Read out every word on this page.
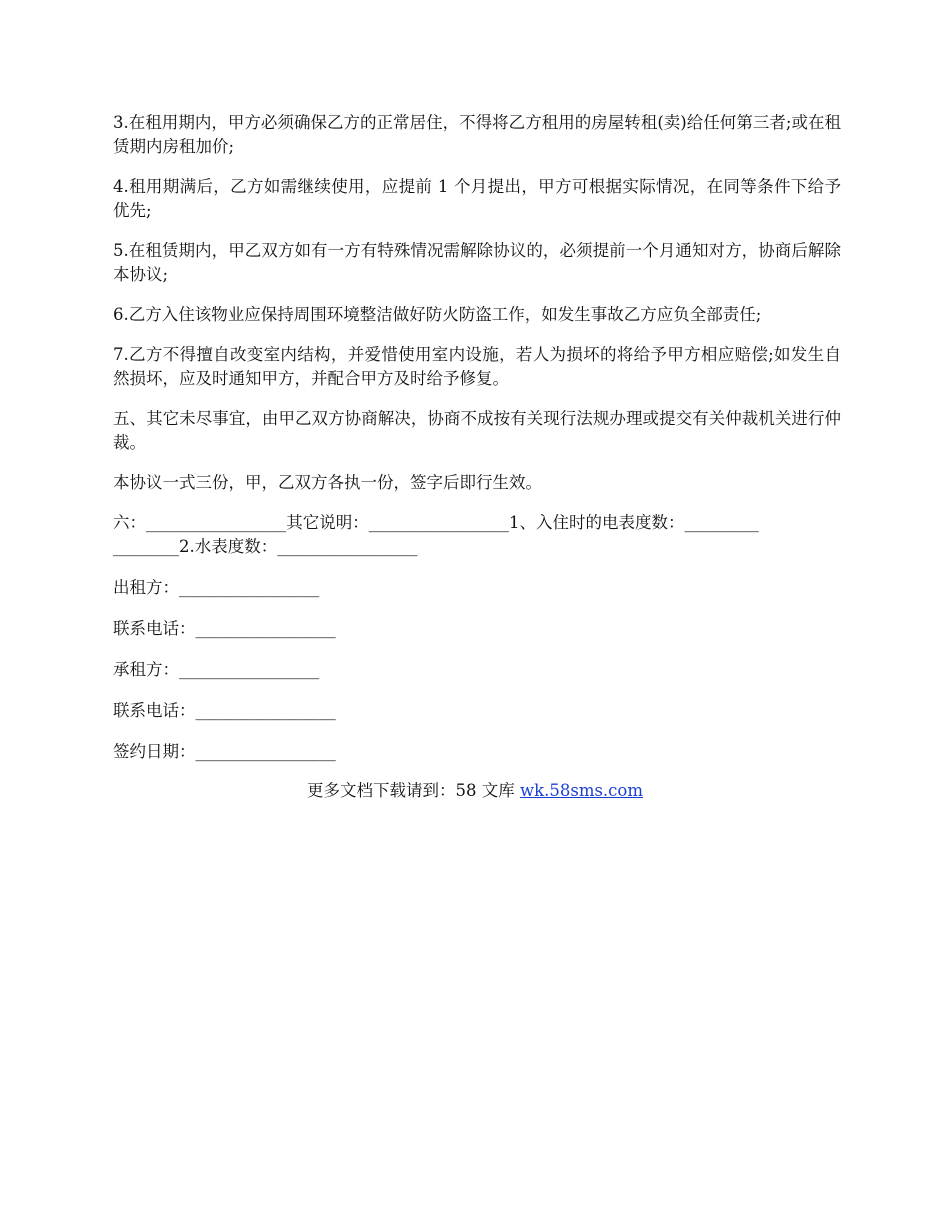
3.在租用期内，甲方必须确保乙方的正常居住，不得将乙方租用的房屋转租(卖)给任何第三者;或在租赁期内房租加价;

4.租用期满后，乙方如需继续使用，应提前 1 个月提出，甲方可根据实际情况，在同等条件下给予优先;

5.在租赁期内，甲乙双方如有一方有特殊情况需解除协议的，必须提前一个月通知对方，协商后解除本协议;

6.乙方入住该物业应保持周围环境整洁做好防火防盗工作，如发生事故乙方应负全部责任;

7.乙方不得擅自改变室内结构，并爱惜使用室内设施，若人为损坏的将给予甲方相应赔偿;如发生自然损坏，应及时通知甲方，并配合甲方及时给予修复。

五、其它未尽事宜，由甲乙双方协商解决，协商不成按有关现行法规办理或提交有关仲裁机关进行仲裁。

本协议一式三份，甲，乙双方各执一份，签字后即行生效。

六：_________________其它说明：_________________1、入住时的电表度数：_________
________2.水表度数：_________________

出租方：_________________

联系电话：_________________

承租方：_________________

联系电话：_________________

签约日期：_________________

更多文档下载请到：58 文库 wk.58sms.com
